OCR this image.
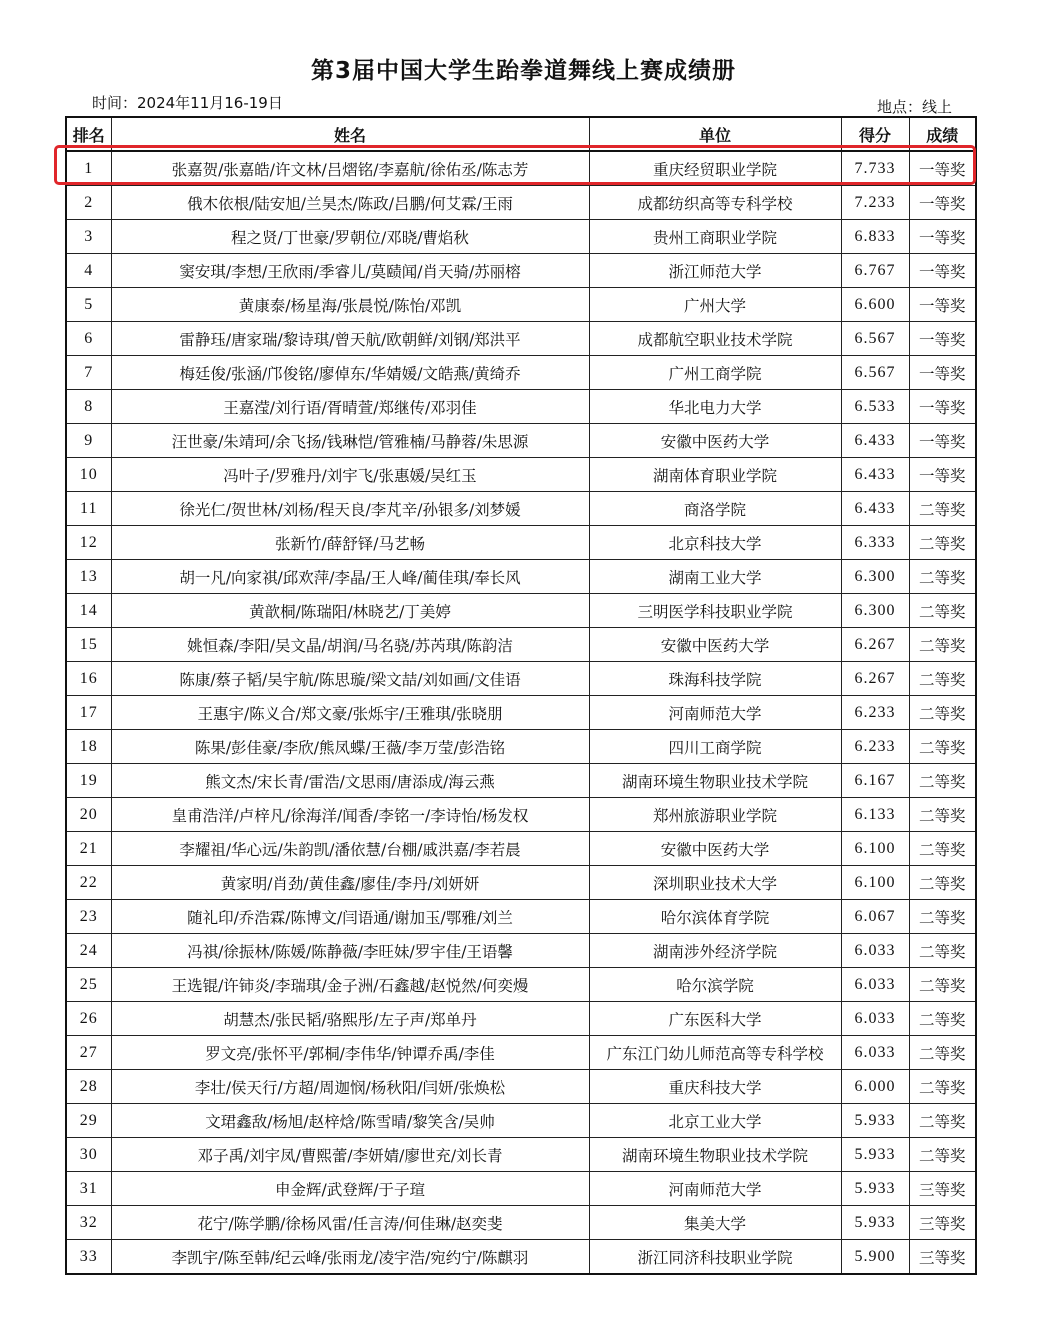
第3届中国大学生跆拳道舞线上赛成绩册
时间：2024年11月16-19日	地点：线上
排名	姓名	单位	得分	成绩
1	张嘉贺/张嘉皓/许文林/吕熠铭/李嘉航/徐佑丞/陈志芳	重庆经贸职业学院	7.733	一等奖
2	俄木依根/陆安旭/兰昊杰/陈政/吕鹏/何艾霖/王雨	成都纺织高等专科学校	7.233	一等奖
3	程之贤/丁世豪/罗朝位/邓晓/曹焰秋	贵州工商职业学院	6.833	一等奖
4	窦安琪/李想/王欣雨/季睿儿/莫赜闻/肖天骑/苏丽榕	浙江师范大学	6.767	一等奖
5	黄康泰/杨星海/张晨悦/陈怡/邓凯	广州大学	6.600	一等奖
6	雷静珏/唐家瑞/黎诗琪/曾天航/欧朝鲜/刘钢/郑洪平	成都航空职业技术学院	6.567	一等奖
7	梅廷俊/张涵/邝俊铭/廖倬东/华婧媛/文皓燕/黄绮乔	广州工商学院	6.567	一等奖
8	王嘉滢/刘行语/胥晴萱/郑继传/邓羽佳	华北电力大学	6.533	一等奖
9	汪世豪/朱靖珂/余飞扬/钱琳恺/管雅楠/马静蓉/朱思源	安徽中医药大学	6.433	一等奖
10	冯叶子/罗雅丹/刘宇飞/张惠媛/吴红玉	湖南体育职业学院	6.433	一等奖
11	徐光仁/贺世林/刘杨/程天良/李芃辛/孙银多/刘梦媛	商洛学院	6.433	二等奖
12	张新竹/薛舒铎/马艺畅	北京科技大学	6.333	二等奖
13	胡一凡/向家祺/邱欢萍/李晶/王人峰/蔺佳琪/奉长风	湖南工业大学	6.300	二等奖
14	黄歆桐/陈瑞阳/林晓艺/丁美婷	三明医学科技职业学院	6.300	二等奖
15	姚恒森/李阳/吴文晶/胡润/马名骁/苏芮琪/陈韵洁	安徽中医药大学	6.267	二等奖
16	陈康/蔡子韬/吴宇航/陈思璇/梁文喆/刘如画/文佳语	珠海科技学院	6.267	二等奖
17	王惠宇/陈义合/郑文豪/张烁宇/王雅琪/张晓朋	河南师范大学	6.233	二等奖
18	陈果/彭佳豪/李欣/熊凤蝶/王薇/李万莹/彭浩铭	四川工商学院	6.233	二等奖
19	熊文杰/宋长青/雷浩/文思雨/唐添成/海云燕	湖南环境生物职业技术学院	6.167	二等奖
20	皇甫浩洋/卢梓凡/徐海洋/闻香/李铭一/李诗怡/杨发权	郑州旅游职业学院	6.133	二等奖
21	李耀祖/华心远/朱韵凯/潘依慧/台棚/戚洪嘉/李若晨	安徽中医药大学	6.100	二等奖
22	黄家明/肖劲/黄佳鑫/廖佳/李丹/刘妍妍	深圳职业技术大学	6.100	二等奖
23	随礼印/乔浩霖/陈博文/闫语通/谢加玉/鄂雅/刘兰	哈尔滨体育学院	6.067	二等奖
24	冯祺/徐振林/陈媛/陈静薇/李旺妹/罗宇佳/王语馨	湖南涉外经济学院	6.033	二等奖
25	王选锟/许铈炎/李瑞琪/金子洲/石鑫越/赵悦然/何奕熳	哈尔滨学院	6.033	二等奖
26	胡慧杰/张民韬/骆熙彤/左子声/郑单丹	广东医科大学	6.033	二等奖
27	罗文亮/张怀平/郭桐/李伟华/钟谭乔禹/李佳	广东江门幼儿师范高等专科学校	6.033	二等奖
28	李壮/侯天行/方超/周迦悯/杨秋阳/闫妍/张焕松	重庆科技大学	6.000	二等奖
29	文珺鑫敌/杨旭/赵梓焓/陈雪晴/黎笑含/吴帅	北京工业大学	5.933	二等奖
30	邓子禹/刘宇凤/曹熙蕾/李妍婧/廖世充/刘长青	湖南环境生物职业技术学院	5.933	二等奖
31	申金辉/武登辉/于子瑄	河南师范大学	5.933	三等奖
32	花宁/陈学鹏/徐杨风雷/任言涛/何佳琳/赵奕斐	集美大学	5.933	三等奖
33	李凯宇/陈至韩/纪云峰/张雨龙/凌宇浩/宛约宁/陈麒羽	浙江同济科技职业学院	5.900	三等奖
